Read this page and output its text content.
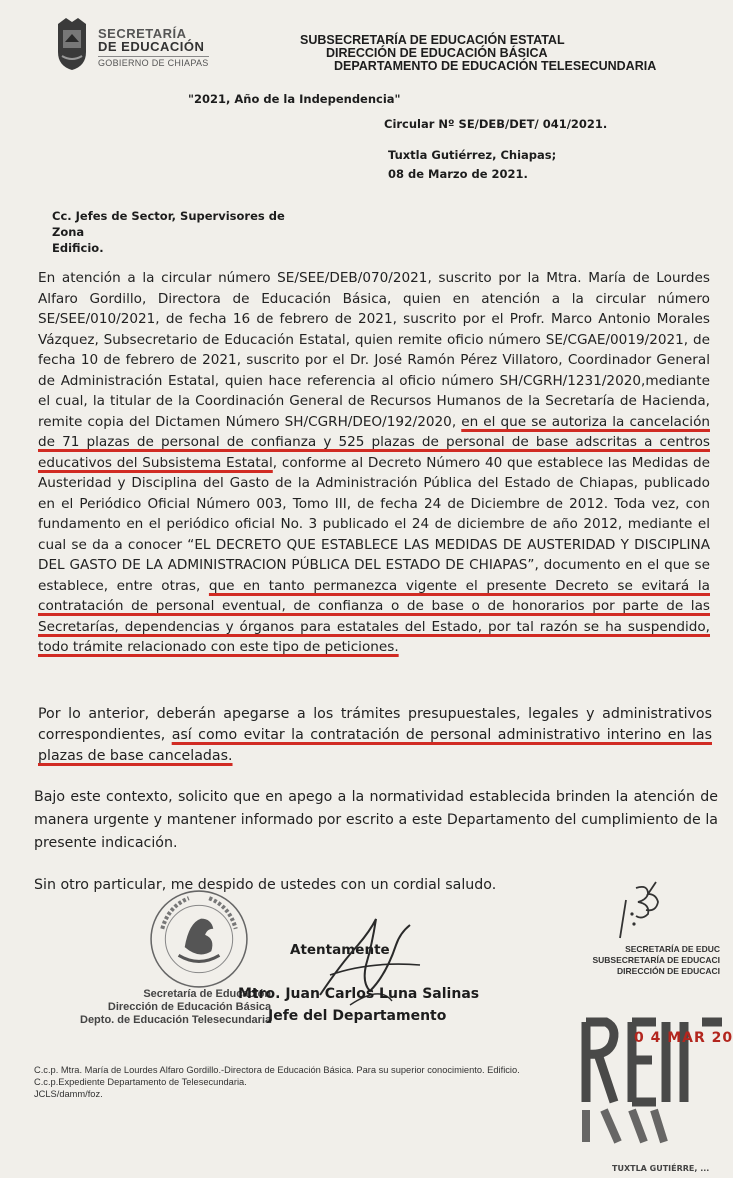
SECRETARÍA
DE EDUCACIÓN
GOBIERNO DE CHIAPAS
SUBSECRETARÍA DE EDUCACIÓN ESTATAL
DIRECCIÓN DE EDUCACIÓN BÁSICA
DEPARTAMENTO DE EDUCACIÓN TELESECUNDARIA
"2021, Año de la Independencia"
Circular Nº SE/DEB/DET/ 041/2021.
Tuxtla Gutiérrez, Chiapas;
08 de Marzo de 2021.
Cc. Jefes de Sector, Supervisores de
Zona
Edificio.
En atención a la circular número SE/SEE/DEB/070/2021, suscrito por la Mtra. María de Lourdes Alfaro Gordillo, Directora de Educación Básica, quien en atención a la circular número SE/SEE/010/2021, de fecha 16 de febrero de 2021, suscrito por el Profr. Marco Antonio Morales Vázquez, Subsecretario de Educación Estatal, quien remite oficio número SE/CGAE/0019/2021, de fecha 10 de febrero de 2021, suscrito por el Dr. José Ramón Pérez Villatoro, Coordinador General de Administración Estatal, quien hace referencia al oficio número SH/CGRH/1231/2020,mediante el cual, la titular de la Coordinación General de Recursos Humanos de la Secretaría de Hacienda, remite copia del Dictamen Número SH/CGRH/DEO/192/2020, en el que se autoriza la cancelación de 71 plazas de personal de confianza y 525 plazas de personal de base adscritas a centros educativos del Subsistema Estatal, conforme al Decreto Número 40 que establece las Medidas de Austeridad y Disciplina del Gasto de la Administración Pública del Estado de Chiapas, publicado en el Periódico Oficial Número 003, Tomo III, de fecha 24 de Diciembre de 2012. Toda vez, con fundamento en el periódico oficial No. 3 publicado el 24 de diciembre de año 2012, mediante el cual se da a conocer “EL DECRETO QUE ESTABLECE LAS MEDIDAS DE AUSTERIDAD Y DISCIPLINA DEL GASTO DE LA ADMINISTRACION PÚBLICA DEL ESTADO DE CHIAPAS”, documento en el que se establece, entre otras, que en tanto permanezca vigente el presente Decreto se evitará la contratación de personal eventual, de confianza o de base o de honorarios por parte de las Secretarías, dependencias y órganos para estatales del Estado, por tal razón se ha suspendido, todo trámite relacionado con este tipo de peticiones.
Por lo anterior, deberán apegarse a los trámites presupuestales, legales y administrativos correspondientes, así como evitar la contratación de personal administrativo interino en las plazas de base canceladas.
Bajo este contexto, solicito que en apego a la normatividad establecida brinden la atención de manera urgente y mantener informado por escrito a este Departamento del cumplimiento de la presente indicación.
Sin otro particular, me despido de ustedes con un cordial saludo.
Secretaría de Educación
Dirección de Educación Básica
Depto. de Educación Telesecundaria
Atentamente
Mtro. Juan Carlos Luna Salinas
Jefe del Departamento
SECRETARÍA DE EDUC
SUBSECRETARÍA DE EDUCACI
DIRECCIÓN DE EDUCACI
0 4 MAR 20
TUXTLA GUTIÉRRE, ...
C.c.p. Mtra. María de Lourdes Alfaro Gordillo.-Directora de Educación Básica. Para su superior conocimiento. Edificio.
C.c.p.Expediente Departamento de Telesecundaria.
JCLS/damm/foz.
